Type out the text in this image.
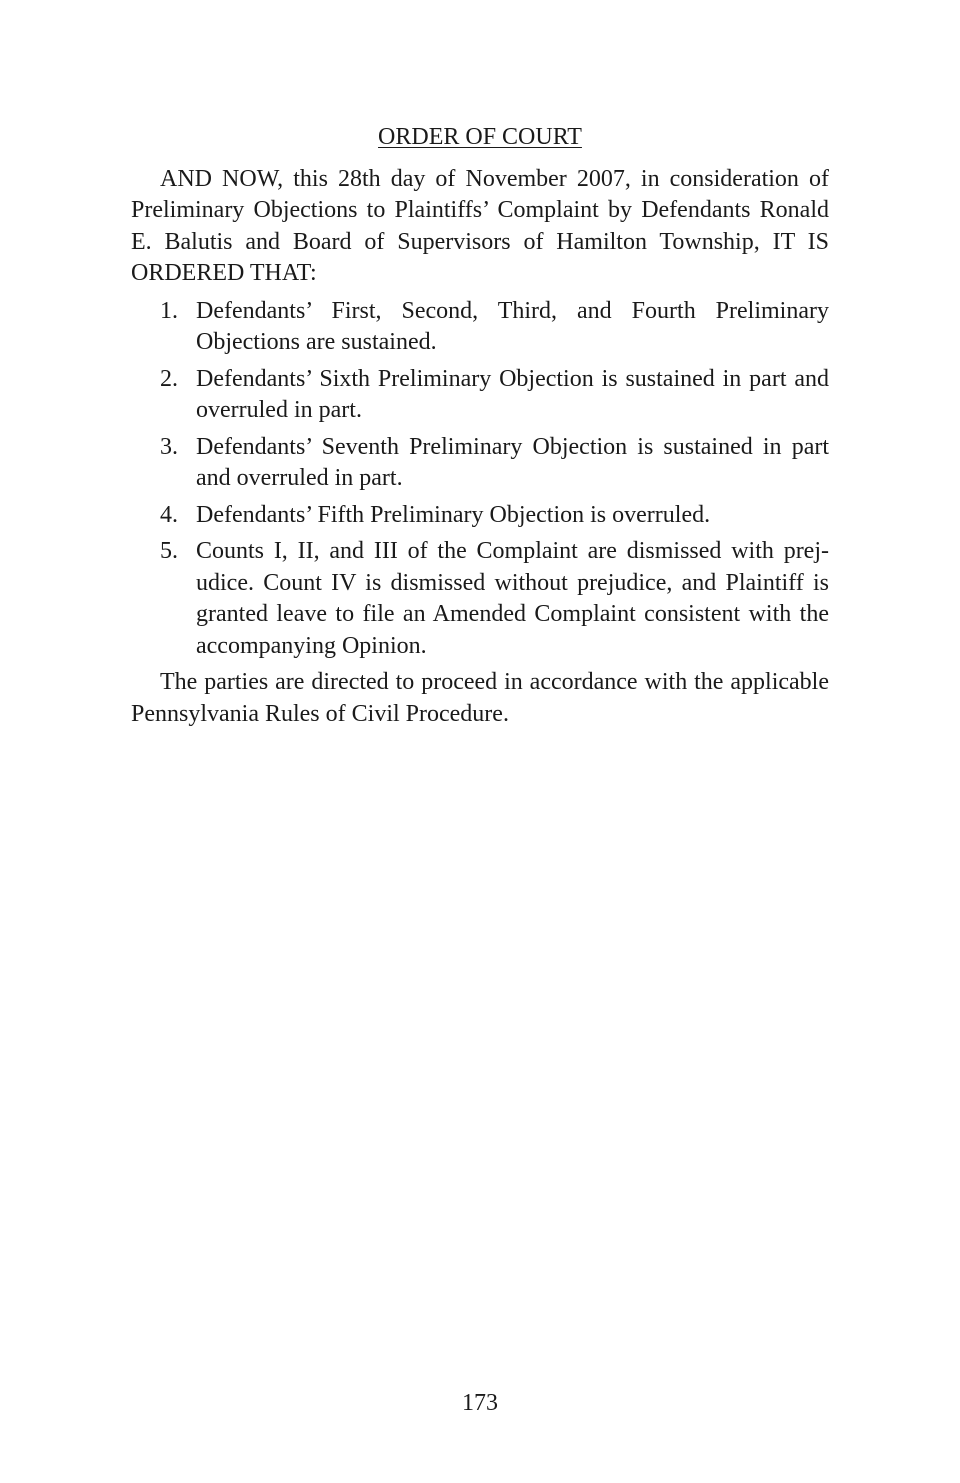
ORDER OF COURT

AND NOW, this 28th day of November 2007, in consideration of Preliminary Objections to Plaintiffs’ Complaint by Defendants Ronald E. Balutis and Board of Supervisors of Hamilton Township, IT IS ORDERED THAT:

1 . Defendants’ First, Second, Third, and Fourth Preliminary Objections are sustained.
2 . Defendants’ Sixth Preliminary Objection is sustained in part and overruled in part.
3 . Defendants’ Seventh Preliminary Objection is sustained in part and overruled in part.
4 . Defendants’ Fifth Preliminary Objection is overruled.
5 . Counts I, II, and III of the Complaint are dismissed with prejudice. Count IV is dismissed without prejudice, and Plaintiff is granted leave to file an Amended Complaint consistent with the accompanying Opinion.

The parties are directed to proceed in accordance with the applicable Pennsylvania Rules of Civil Procedure.

173
